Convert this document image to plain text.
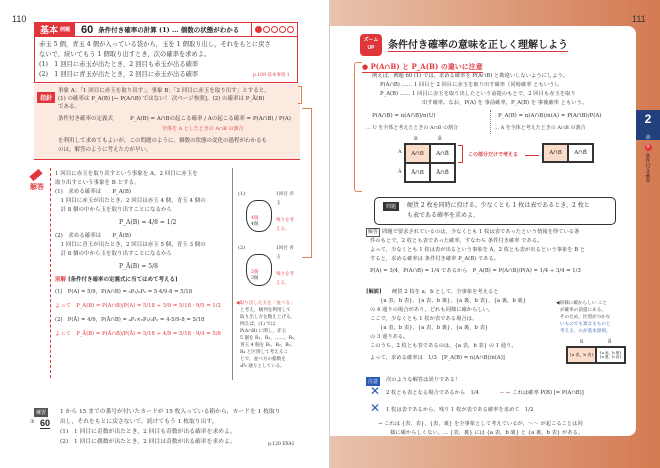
110
基本 例題 60 条件付き確率の計算 (1) … 個数の状態がわかる
赤玉 5 個，青玉 4 個が入っている袋から，玉を 1 個取り出し，それをもとに戻さ
ないで，続いてもう 1 個取り出すとき，次の確率を求めよ。
(1)　1 回目に赤玉が出たとき，2 回目も赤玉が出る確率
(2)　1 回目に青玉が出たとき，2 回目に赤玉が出る確率	p.109 基本事項 1
指針
事象 A：「1 回目に赤玉を取り出す」，事象 B：「2 回目に赤玉を取り出す」とすると，
(1) の確率は P_A(B) [← P(A∩B) ではない！ 次ページ参照]，(2) の確率は P_Ā(B)
である。
条件付き確率の定義式	P_A(B) = A∩Bの起こる確率 / Aの起こる確率 = P(A∩B) / P(A)
全体を A としたときの A∩B の割合
を利用して求めてもよいが，この問題のように，個数の状態の変化の過程がわかるも
のは，解答のように考えた方が早い。
解答
1 回目に赤玉を取り出すという事象を A，2 回目に赤玉を
取り出すという事象を B とする。
(1)　求める確率は　　P_A(B)
　1 回目に赤玉が出たとき，2 回目は赤玉 4 個，青玉 4 個の
　計 8 個の中から玉を取り出すことになるから
P_A(B) = 4/8 = 1/2
(2)　求める確率は　　P_Ā(B)
　1 回目に青玉が出たとき，2 回目は赤玉 5 個，青玉 3 個の
　計 8 個の中から玉を取り出すことになるから
P_Ā(B) = 5/8
別解 [条件付き確率の定義式に当てはめて考える]
(1)　P(A) = 5/9，P(A∩B) = ₅P₂/₉P₂ = 5·4/9·8 = 5/18
よって　P_A(B) = P(A∩B)/P(A) = 5/18 ÷ 5/9 = 5/18 · 9/5 = 1/2
(2)　P(Ā) = 4/9，P(Ā∩B) = ₄P₁×₅P₁/₉P₂ = 4·5/9·8 = 5/18
よって　P_Ā(B) = P(Ā∩B)/P(Ā) = 5/18 ÷ 4/9 = 5/18 · 9/4 = 5/8
(1)	1回目 赤玉
4個
4個
残りを考える。
(2)	1回目 青玉
5個
3個
残りを考える。
◀取り出した玉を「並べる」
と考え，順列を利用して
取り出し方を数え上げる。
例えば，(1) では
P(A∩B) に関し，赤玉
5 個を R₁，R₂，……，R₅，
青玉 4 個を B₁，B₂，B₃，
B₄ と区別して考えるこ
とで，並べ方の総数を
₉P₂ 通りとしている。
練習
③ 60
1 から 15 までの番号が付いたカードが 15 枚入っている箱から，カードを 1 枚取り
出し，それをもとに戻さないで，続けてもう 1 枚取り出す。
(1)　1 回目に奇数が出たとき，2 回目も奇数が出る確率を求めよ。
(2)　1 回目に偶数が出たとき，2 回目は奇数が出る確率を求めよ。	p.120 EX41
111
ズーム
UP	条件付き確率の意味を正しく理解しよう
● P(A∩B) と P_A(B) の違いに注意
例えば，例題 60 (1) では，求める確率を P(A∩B) と勘違いしないようにしよう。
P(A∩B) …… 1 回目と 2 回目に赤玉を取り出す確率（同時確率 ともいう）。
P_A(B) …… 1 回目に赤玉を取り出したという前提のもとで，2 回目も赤玉を取り
出す確率。なお，P(A) を 事前確率，P_A(B) を 事後確率 ともいう。
P(A∩B) = n(A∩B)/n(U)
… U を全体と考えたときの A∩B の割合
P_A(B) = n(A∩B)/n(A) = P(A∩B)/P(A)
… A を全体と考えたときの A∩B の割合
A∩B	A∩B̄
Ā∩B	Ā∩B̄
A
Ā
B	B̄
この部分だけで考える	A∩B	A∩B̄
問題	硬貨 2 枚を同時に投げる。少なくとも 1 枚は表であるとき，2 枚と
も表である確率を求めよ。
解答 問題で要求されているのは，少なくとも 1 枚は表であったという情報を得ている条
件のもとで，2 枚とも表であった確率，すなわち 条件付き確率 である。
よって，少なくとも 1 枚は表が出るという事象を A，2 枚とも表が出るという事象を B と
すると，求める確率は 条件付き確率 P_A(B) である。
P(A) = 3/4，P(A∩B) = 1/4 であるから　P_A(B) = P(A∩B)/P(A) = 1/4 ÷ 3/4 = 1/3
[解説] 硬貨 2 枚を a，b として，全事象を考えると
{a 表，b 表}，{a 表，b 裏}，{a 裏，b 表}，{a 裏，b 裏}
の 4 通りの場合があり，どれも同様に確からしい。
ここで，少なくとも 1 枚が表である場合は，
{a 表，b 表}，{a 表，b 裏}，{a 裏，b 表}
の 3 通りある。
このうち，2 枚とも表であるのは，{a 表，b 表} の 1 通り。
よって，求める確率は　1/3　[P_A(B) = n(A∩B)/n(A)]
◀同様に確からしい こと
が確率の前提にある。
そのため，区別がつかな
いものでも異なるものと
考える，のが基本原則。
{a 表，b 表}	{a 表，b 裏} {a 裏，b 表}
B	B̄
注意	次のような解答は誤りである！
✕ 2 枚とも表となる場合であるから　1/4	← ← これは確率 P(B) [= P(A∩B)]
✕ 1 枚は表であるから，残り 1 枚が表である確率を求めて　1/2
→ これは {表，表}，{表，裏} を全事象として考えているが，～～ が起こることは同
様に確からしくない。… {表，裏} には {a 表，b 裏} と {a 裏，b 表} がある。
2
章
9
条件付き確率
